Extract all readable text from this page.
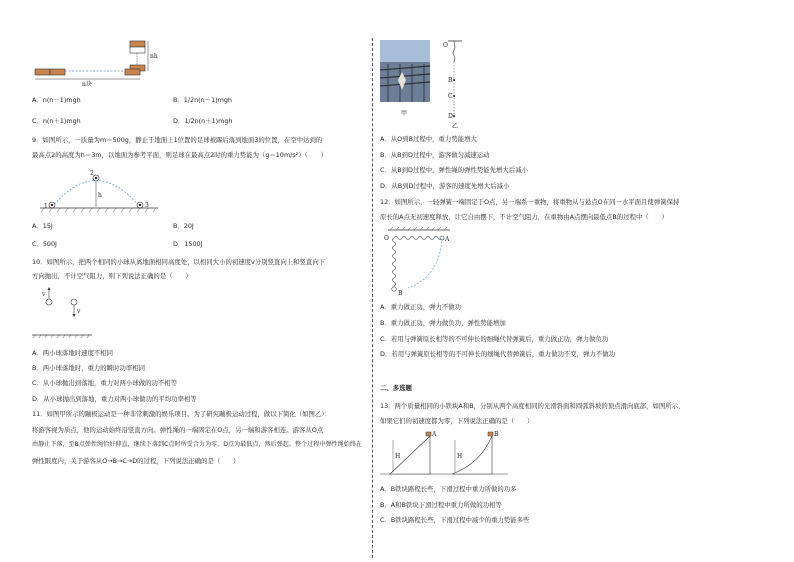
nh
n块
A．n(n－1)mgh	B．1/2n(n－1)mgh
C．n(n＋1)mgh	D．1/2n(n＋1)mgh
9．如图所示，一质量为m＝500g，静止于地面上1位置的足球被踢后落到地面3的位置，在空中达到的
最高点2的高度为h＝3m，以地面为参考平面，则足球在最高点2时的重力势能为（g＝10m/s²）（　　）
1
2
3
h
A．15J	B．20J
C．500J	D．1500J
10．如图所示，把两个相同的小球从离地面相同高度处，以相同大小的初速度v分别竖直向上和竖直向下
方向抛出，不计空气阻力，则下列说法正确的是（　　）
v
v
A．两小球落地时速度不相同
B．两小球落地时，重力的瞬时功率相同
C．从小球抛出到落地，重力对两小球做的功不相等
D．从小球抛出到落地，重力对两小球做功的平均功率相等
11．如图甲所示的蹦极运动是一种非常刺激的娱乐项目。为了研究蹦极运动过程，做以下简化（如图乙）：
将游客视为质点，他的运动始终沿竖直方向。弹性绳的一端固定在O点，另一端和游客相连。游客从O点
由静止下落，至B点弹性绳恰好伸直，继续下落到C点时所受合力为零，D点为最低点，然后弹起。整个过程中弹性绳始终在
弹性限度内，关于游客从O→B→C→D的过程，下列说法正确的是（　　）
甲
O
B
C
D
乙
A．从O到B过程中，重力势能增大
B．从B到D过程中，游客做匀减速运动
C．从B到D过程中，弹性绳的弹性势能先增大后减小
D．从B到D过程中，游客的速度先增大后减小
12．如图所示，一轻弹簧一端固定于O点，另一端系一重物，将重物从与悬点O在同一水平面且使弹簧保持
原长的A点无初速度释放，让它自由摆下，不计空气阻力，在重物由A点摆向最低点B的过程中（　　）
O	A
B
A．重力做正功，弹力不做功
B．重力做正功，弹力做负功，弹性势能增加
C．若用与弹簧原长相等的不可伸长的细绳代替弹簧后，重力做正功，弹力做负功
D．若用与弹簧原长相等的不可伸长的细绳代替弹簧后，重力做功不变，弹力不做功
二、多选题
13．两个质量相同的小铁块A和B，分别从两个高度相同的光滑斜面和圆弧斜坡的顶点滑向底部，如图所示，
如果它们的初速度都为零，下列说法正确的是（　　）
H
A
H
B
A．B铁块路程长些，下滑过程中重力所做的功多
B．A和B铁块下滑过程中重力所做的功相等
C．B铁块路程长些，下滑过程中减少的重力势能多些
